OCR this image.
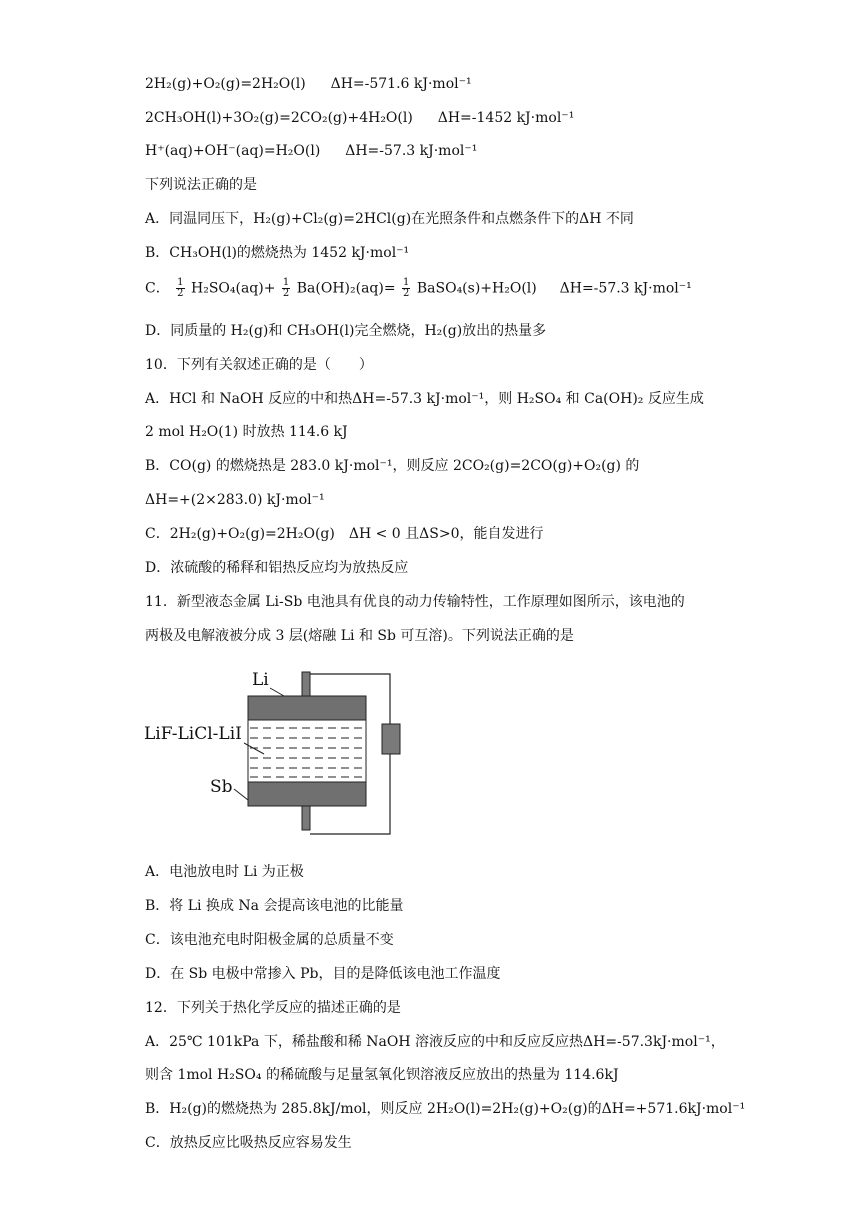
2H₂(g)+O₂(g)=2H₂O(l) ΔH=-571.6 kJ·mol⁻¹
2CH₃OH(l)+3O₂(g)=2CO₂(g)+4H₂O(l) ΔH=-1452 kJ·mol⁻¹
H⁺(aq)+OH⁻(aq)=H₂O(l) ΔH=-57.3 kJ·mol⁻¹
下列说法正确的是
A．同温同压下，H₂(g)+Cl₂(g)=2HCl(g)在光照条件和点燃条件下的ΔH 不同
B．CH₃OH(l)的燃烧热为 1452 kJ·mol⁻¹
C． $\frac{1}{2} H_2SO_4(aq)+ \frac{1}{2} Ba(OH)_2(aq)= \frac{1}{2}$ BaSO₄(s)+H₂O(l) ΔH=-57.3 kJ·mol⁻¹
D．同质量的 H₂(g)和 CH₃OH(l)完全燃烧，H₂(g)放出的热量多
10．下列有关叙述正确的是（　　）
A．HCl 和 NaOH 反应的中和热ΔH=-57.3 kJ·mol⁻¹，则 H₂SO₄ 和 Ca(OH)₂ 反应生成
2 mol H₂O(1) 时放热 114.6 kJ
B．CO(g) 的燃烧热是 283.0 kJ·mol⁻¹，则反应 2CO₂(g)=2CO(g)+O₂(g) 的
ΔH=+(2×283.0) kJ·mol⁻¹
C．2H₂(g)+O₂(g)=2H₂O(g)　ΔH < 0 且ΔS>0，能自发进行
D．浓硫酸的稀释和铝热反应均为放热反应
11．新型液态金属 Li-Sb 电池具有优良的动力传输特性，工作原理如图所示，该电池的
两极及电解液被分成 3 层(熔融 Li 和 Sb 可互溶)。下列说法正确的是
Li
LiF-LiCl-LiI
Sb
A．电池放电时 Li 为正极
B．将 Li 换成 Na 会提高该电池的比能量
C．该电池充电时阳极金属的总质量不变
D．在 Sb 电极中常掺入 Pb，目的是降低该电池工作温度
12．下列关于热化学反应的描述正确的是
A．25℃ 101kPa 下，稀盐酸和稀 NaOH 溶液反应的中和反应反应热ΔH=-57.3kJ·mol⁻¹，
则含 1mol H₂SO₄ 的稀硫酸与足量氢氧化钡溶液反应放出的热量为 114.6kJ
B．H₂(g)的燃烧热为 285.8kJ/mol，则反应 2H₂O(l)=2H₂(g)+O₂(g)的ΔH=+571.6kJ·mol⁻¹
C．放热反应比吸热反应容易发生
